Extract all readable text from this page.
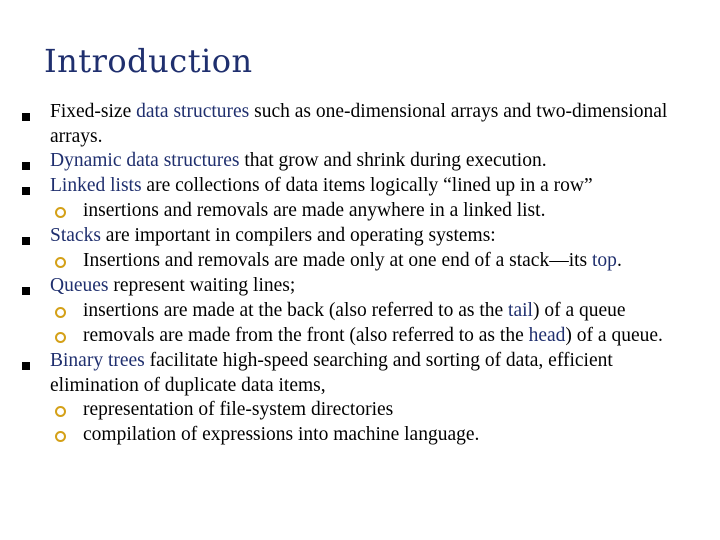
Introduction
Fixed-size data structures such as one-dimensional arrays and two-dimensional arrays.
Dynamic data structures that grow and shrink during execution.
Linked lists are collections of data items logically “lined up in a row”
insertions and removals are made anywhere in a linked list.
Stacks are important in compilers and operating systems:
Insertions and removals are made only at one end of a stack—its top.
Queues represent waiting lines;
insertions are made at the back (also referred to as the tail) of a queue
removals are made from the front (also referred to as the head) of a queue.
Binary trees facilitate high-speed searching and sorting of data, efficient elimination of duplicate data items,
representation of file-system directories
compilation of expressions into machine language.
